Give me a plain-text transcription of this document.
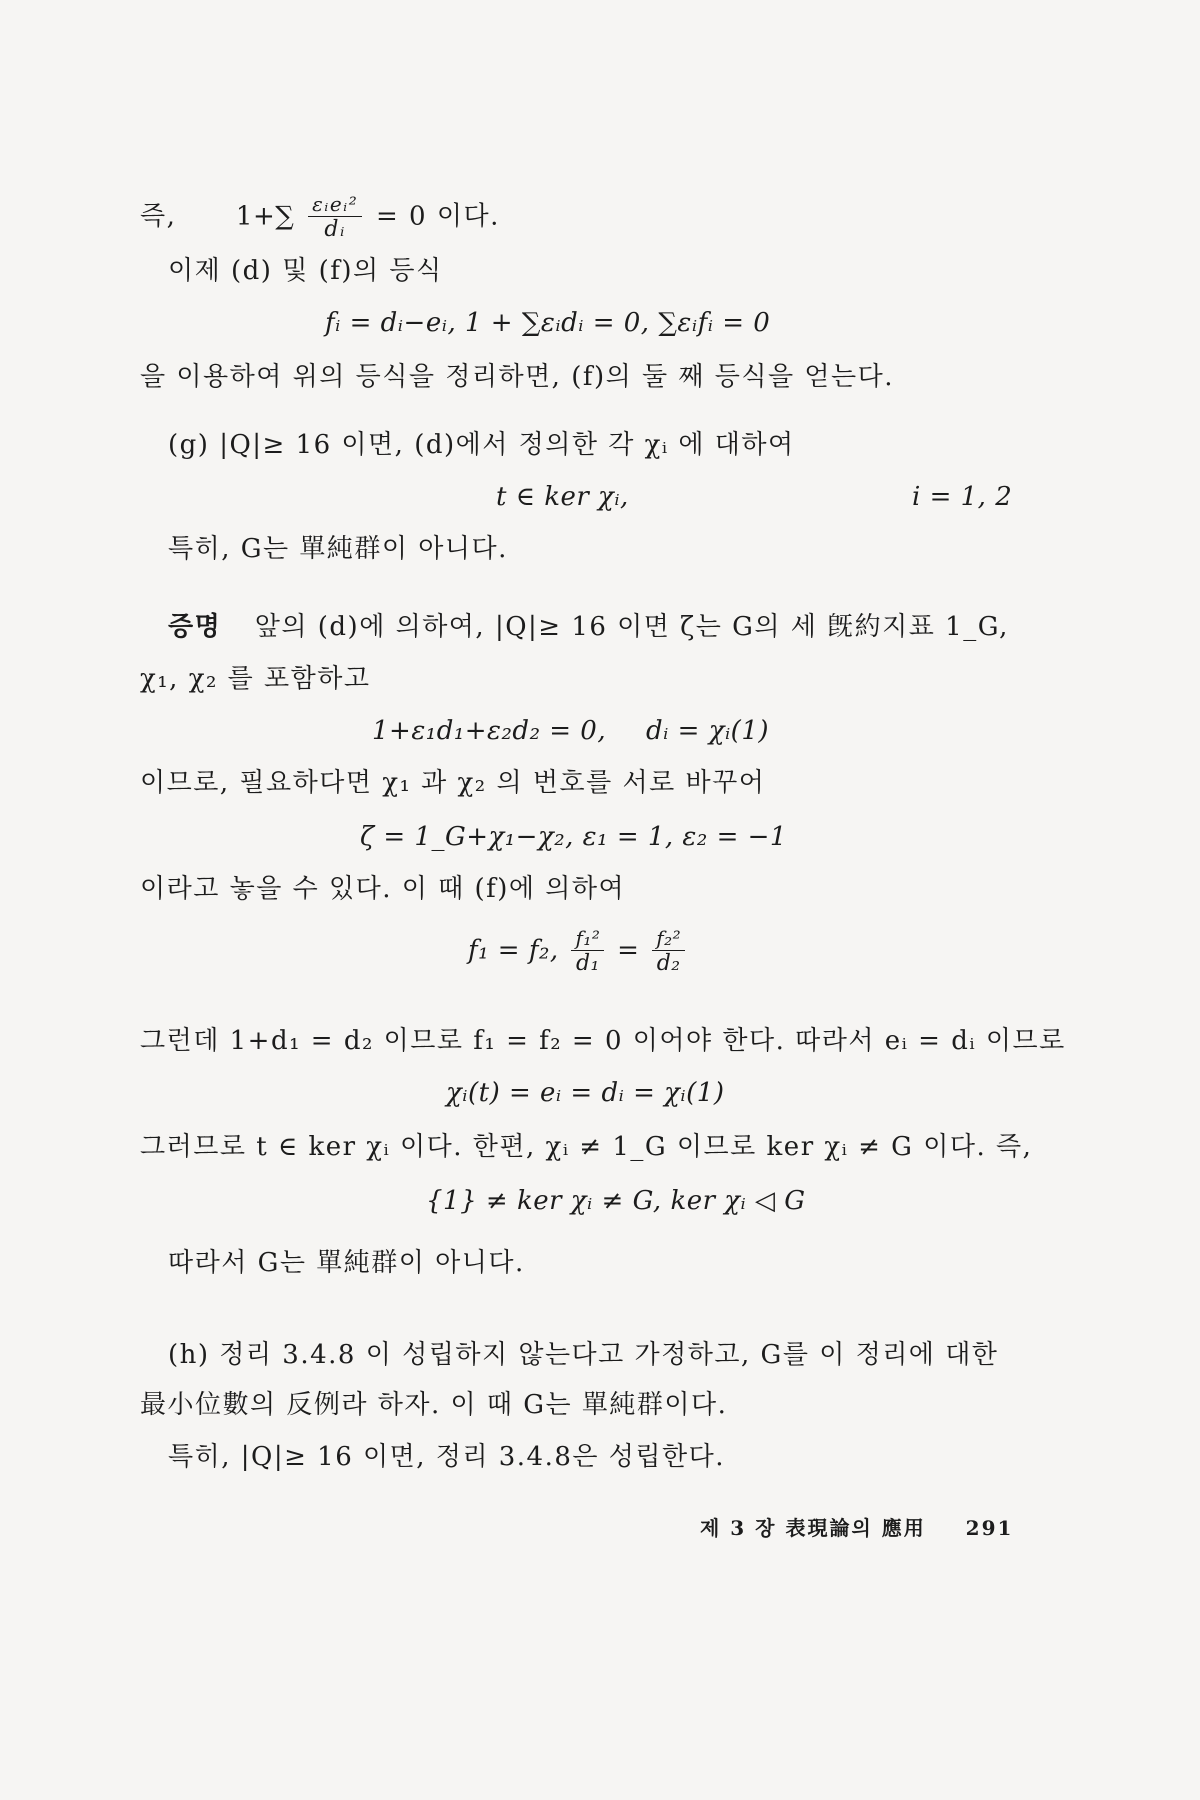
즉, $1+\sum \frac{\text{εᵢeᵢ²}}{\text{dᵢ}} = 0$ 이다.
이제 (d) 및 (f)의 등식
fᵢ = dᵢ−eᵢ, 1 + ∑εᵢdᵢ = 0, ∑εᵢfᵢ = 0
을 이용하여 위의 등식을 정리하면, (f)의 둘 째 등식을 얻는다.
(g) |Q|≥ 16 이면, (d)에서 정의한 각 χᵢ 에 대하여
t ∈ ker χᵢ,	i = 1, 2
특히, G는 單純群이 아니다.
증명 앞의 (d)에 의하여, |Q|≥ 16 이면 ζ는 G의 세 旣約지표 1_G,
χ₁, χ₂ 를 포함하고
1+ε₁d₁+ε₂d₂ = 0, dᵢ = χᵢ(1)
이므로, 필요하다면 χ₁ 과 χ₂ 의 번호를 서로 바꾸어
ζ = 1_G+χ₁−χ₂, ε₁ = 1, ε₂ = −1
이라고 놓을 수 있다. 이 때 (f)에 의하여
f₁ = f₂, $\frac{\text{f₁²}}{\text{d₁}} = \frac{\text{f₂²}}{\text{d₂}}$
그런데 1+d₁ = d₂ 이므로 f₁ = f₂ = 0 이어야 한다. 따라서 eᵢ = dᵢ 이므로
χᵢ(t) = eᵢ = dᵢ = χᵢ(1)
그러므로 t ∈ ker χᵢ 이다. 한편, χᵢ ≠ 1_G 이므로 ker χᵢ ≠ G 이다. 즉,
{1} ≠ ker χᵢ ≠ G, ker χᵢ ◁ G
따라서 G는 單純群이 아니다.
(h) 정리 3.4.8 이 성립하지 않는다고 가정하고, G를 이 정리에 대한
最小位數의 反例라 하자. 이 때 G는 單純群이다.
특히, |Q|≥ 16 이면, 정리 3.4.8은 성립한다.
제 3 장 表現論의 應用 291
